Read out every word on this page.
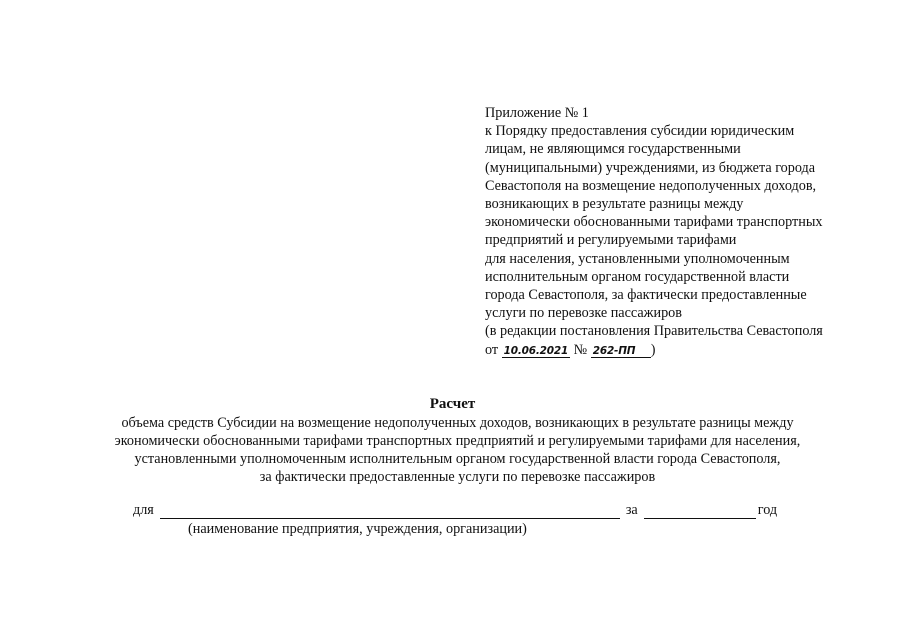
Приложение № 1
к Порядку предоставления субсидии юридическим
лицам, не являющимся государственными
(муниципальными) учреждениями, из бюджета города
Севастополя на возмещение недополученных доходов,
возникающих в результате разницы между
экономически обоснованными тарифами транспортных
предприятий и регулируемыми тарифами
для населения, установленными уполномоченным
исполнительным органом государственной власти
города Севастополя, за фактически предоставленные
услуги по перевозке пассажиров
(в редакции постановления Правительства Севастополя
от 10.06.2021 № 262-ПП )
Расчет
объема средств Субсидии на возмещение недополученных доходов, возникающих в результате разницы между
экономически обоснованными тарифами транспортных предприятий и регулируемыми тарифами для населения,
установленными уполномоченным исполнительным органом государственной власти города Севастополя,
за фактически предоставленные услуги по перевозке пассажиров
для	за	год
(наименование предприятия, учреждения, организации)
